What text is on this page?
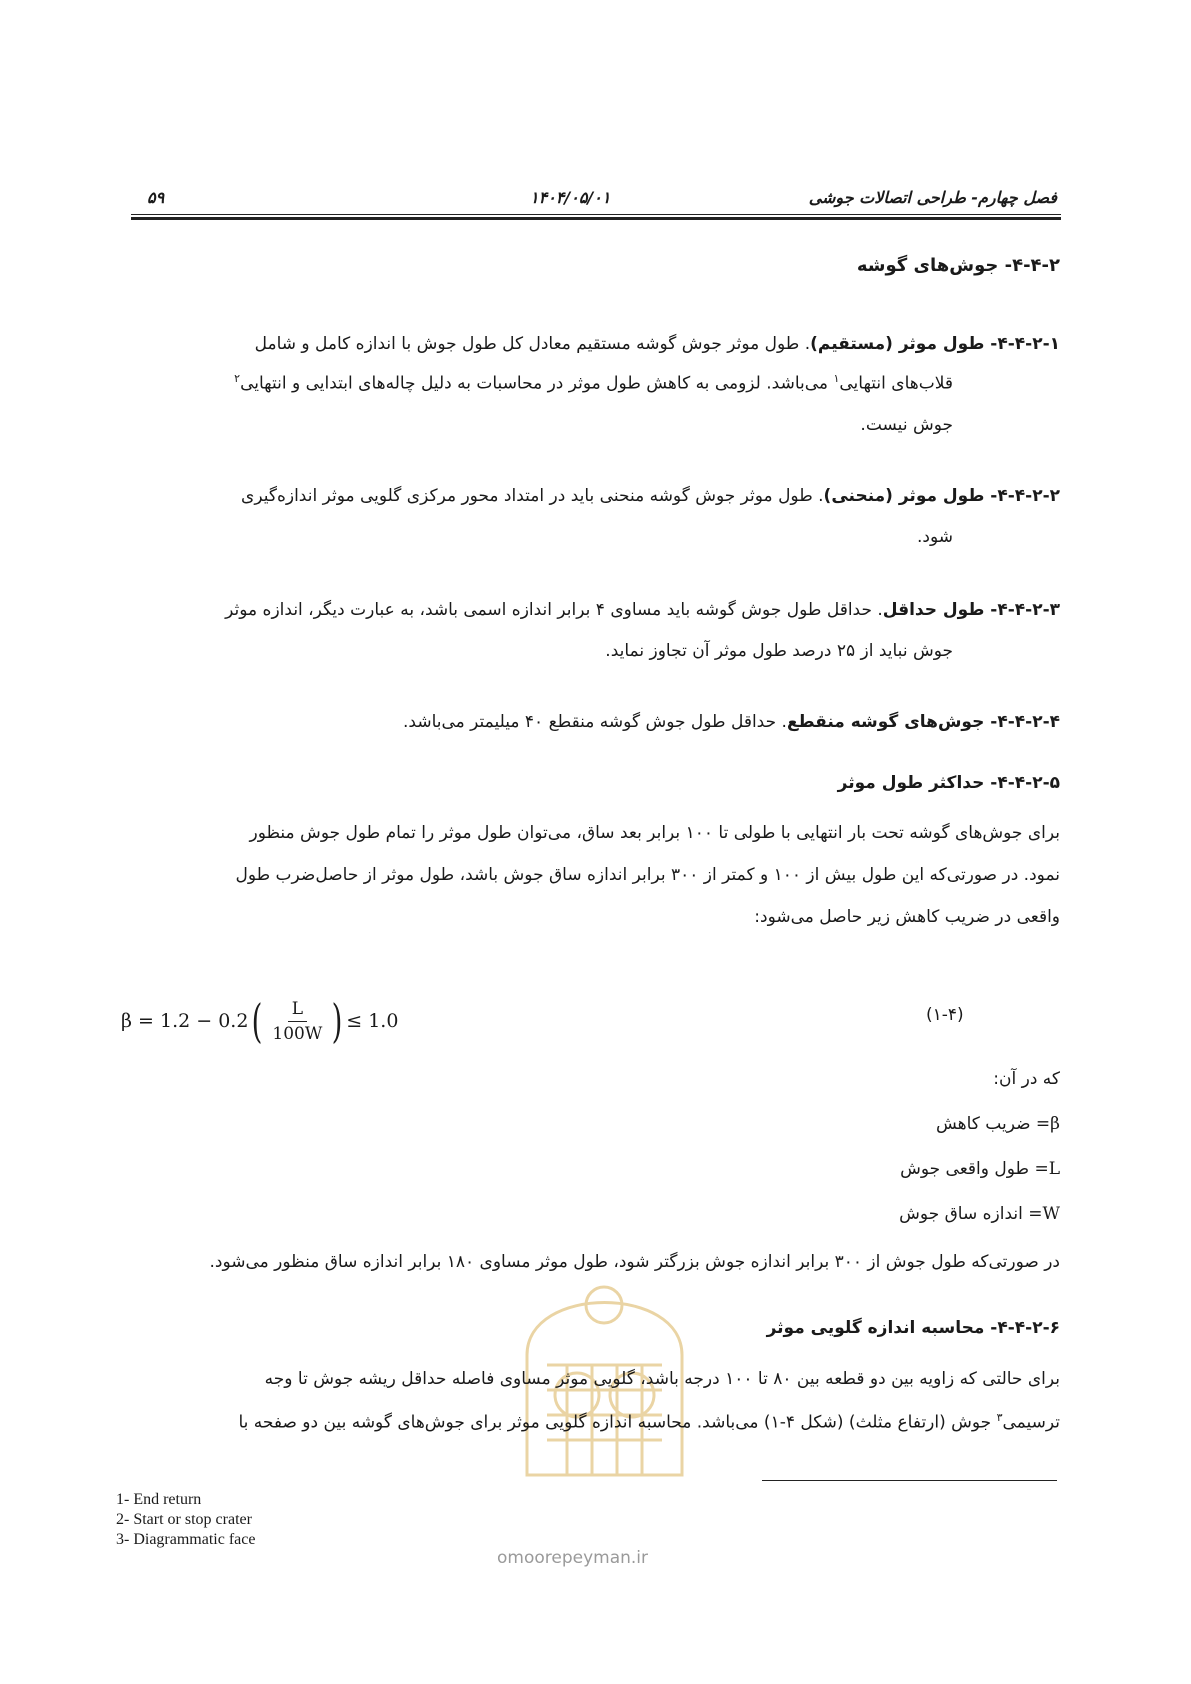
۵۹	۱۴۰۴/۰۵/۰۱	فصل چهارم- طراحی اتصالات جوشی
۴-۴-۲- جوش‌های گوشه
۴-۴-۲-۱- طول موثر (مستقیم). طول موثر جوش گوشه مستقیم معادل کل طول جوش با اندازه کامل و شامل
قلاب‌های انتهایی$^۱$ می‌باشد. لزومی به کاهش طول موثر در محاسبات به دلیل چاله‌های ابتدایی و انتهایی$^۲$
جوش نیست.
۴-۴-۲-۲- طول موثر (منحنی). طول موثر جوش گوشه منحنی باید در امتداد محور مرکزی گلویی موثر اندازه‌گیری
شود.
۴-۴-۲-۳- طول حداقل. حداقل طول جوش گوشه باید مساوی ۴ برابر اندازه اسمی باشد، به عبارت دیگر، اندازه موثر
جوش نباید از ۲۵ درصد طول موثر آن تجاوز نماید.
۴-۴-۲-۴- جوش‌های گوشه منقطع. حداقل طول جوش گوشه منقطع ۴۰ میلیمتر می‌باشد.
۴-۴-۲-۵- حداکثر طول موثر
برای جوش‌های گوشه تحت بار انتهایی با طولی تا ۱۰۰ برابر بعد ساق، می‌توان طول موثر را تمام طول جوش منظور
نمود. در صورتی‌که این طول بیش از ۱۰۰ و کمتر از ۳۰۰ برابر اندازه ساق جوش باشد، طول موثر از حاصل‌ضرب طول
واقعی در ضریب کاهش زیر حاصل می‌شود:
β = 1.2 − 0.2 ( $\frac{L}{100W}$ ) ≤ 1.0	(۱-۴)
که در آن:
β= ضریب کاهش
L= طول واقعی جوش
W= اندازه ساق جوش
در صورتی‌که طول جوش از ۳۰۰ برابر اندازه جوش بزرگتر شود، طول موثر مساوی ۱۸۰ برابر اندازه ساق منظور می‌شود.
۴-۴-۲-۶- محاسبه اندازه گلویی موثر
برای حالتی که زاویه بین دو قطعه بین ۸۰ تا ۱۰۰ درجه باشد، گلویی موثر مساوی فاصله حداقل ریشه جوش تا وجه
ترسیمی$^۳$ جوش (ارتفاع مثلث) (شکل ۴-۱) می‌باشد. محاسبه اندازه گلویی موثر برای جوش‌های گوشه بین دو صفحه با
1- End return
2- Start or stop crater
3- Diagrammatic face
omoorepeyman.ir
